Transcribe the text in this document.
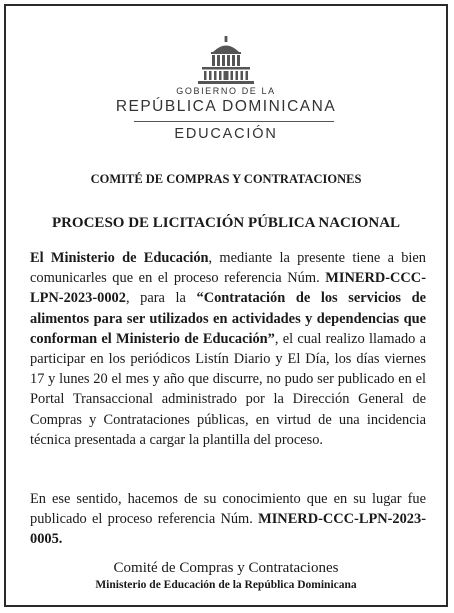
GOBIERNO DE LA
REPÚBLICA DOMINICANA
EDUCACIÓN
COMITÉ DE COMPRAS Y CONTRATACIONES
PROCESO DE LICITACIÓN PÚBLICA NACIONAL
El Ministerio de Educación, mediante la presente tiene a bien comunicarles que en el proceso referencia Núm. MINERD-CCC-LPN-2023-0002, para la “Contratación de los servicios de alimentos para ser utilizados en actividades y dependencias que conforman el Ministerio de Educación”, el cual realizo llamado a participar en los periódicos Listín Diario y El Día, los días viernes 17 y lunes 20 el mes y año que discurre, no pudo ser publicado en el Portal Transaccional administrado por la Dirección General de Compras y Contrataciones públicas, en virtud de una incidencia técnica presentada a cargar la plantilla del proceso.
En ese sentido, hacemos de su conocimiento que en su lugar fue publicado el proceso referencia Núm. MINERD-CCC-LPN-2023-0005.
Comité de Compras y Contrataciones
Ministerio de Educación de la República Dominicana
